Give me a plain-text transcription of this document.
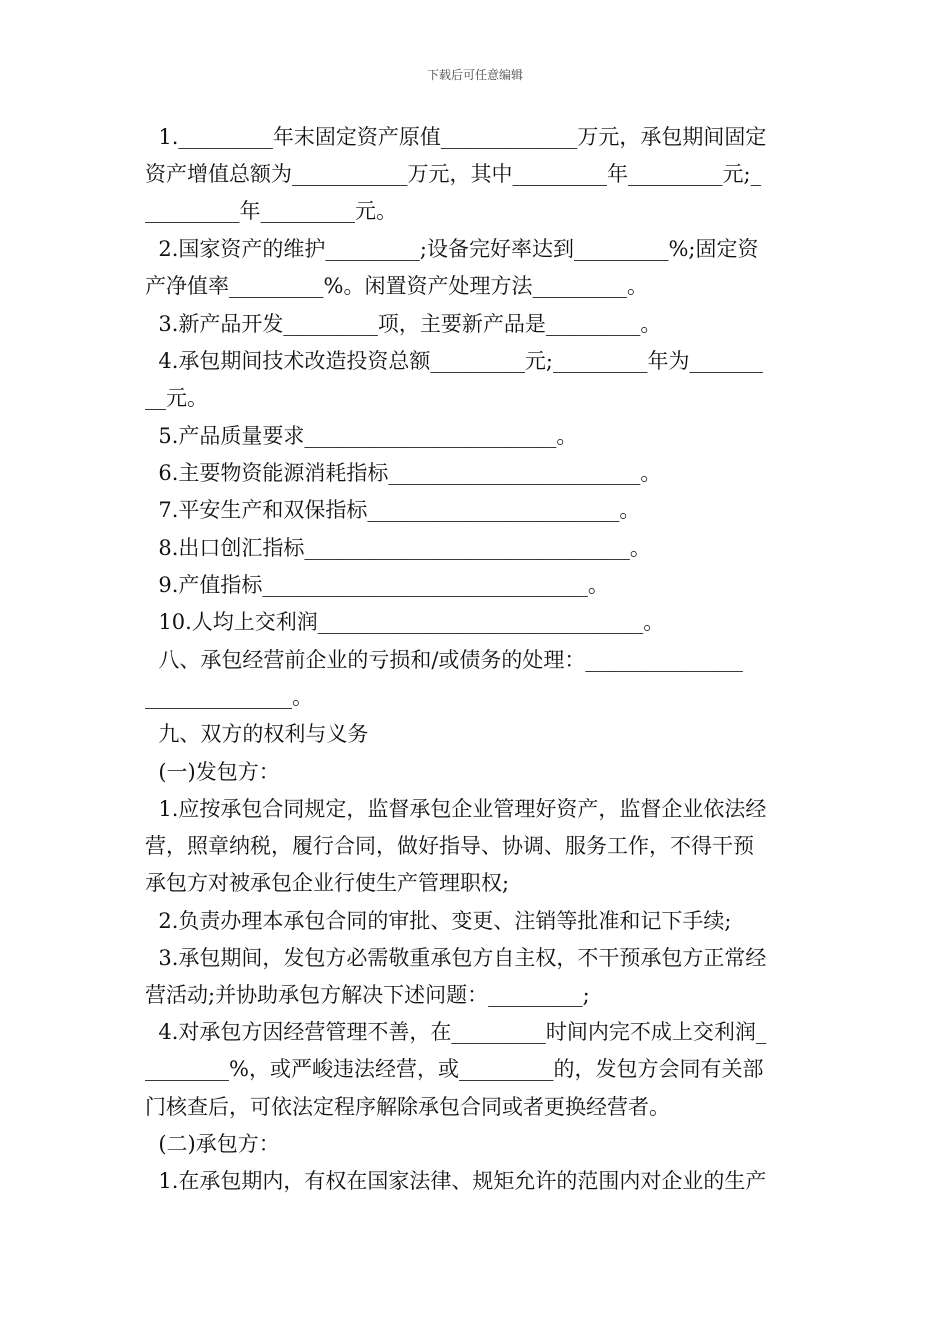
下载后可任意编辑
1._________年末固定资产原值_____________万元，承包期间固定
资产增值总额为___________万元，其中_________年_________元;_
_________年_________元。
2.国家资产的维护_________;设备完好率达到_________%;固定资
产净值率_________%。闲置资产处理方法_________。
3.新产品开发_________项，主要新产品是_________。
4.承包期间技术改造投资总额_________元;_________年为_______
__元。
5.产品质量要求________________________。
6.主要物资能源消耗指标________________________。
7.平安生产和双保指标________________________。
8.出口创汇指标_______________________________。
9.产值指标_______________________________。
10.人均上交利润_______________________________。
八、承包经营前企业的亏损和/或债务的处理：_______________
______________。
九、双方的权利与义务
(一)发包方：
1.应按承包合同规定，监督承包企业管理好资产，监督企业依法经
营，照章纳税，履行合同，做好指导、协调、服务工作，不得干预
承包方对被承包企业行使生产管理职权;
2.负责办理本承包合同的审批、变更、注销等批准和记下手续;
3.承包期间，发包方必需敬重承包方自主权，不干预承包方正常经
营活动;并协助承包方解决下述问题：_________;
4.对承包方因经营管理不善，在_________时间内完不成上交利润_
________%，或严峻违法经营，或_________的，发包方会同有关部
门核查后，可依法定程序解除承包合同或者更换经营者。
(二)承包方：
1.在承包期内，有权在国家法律、规矩允许的范围内对企业的生产
